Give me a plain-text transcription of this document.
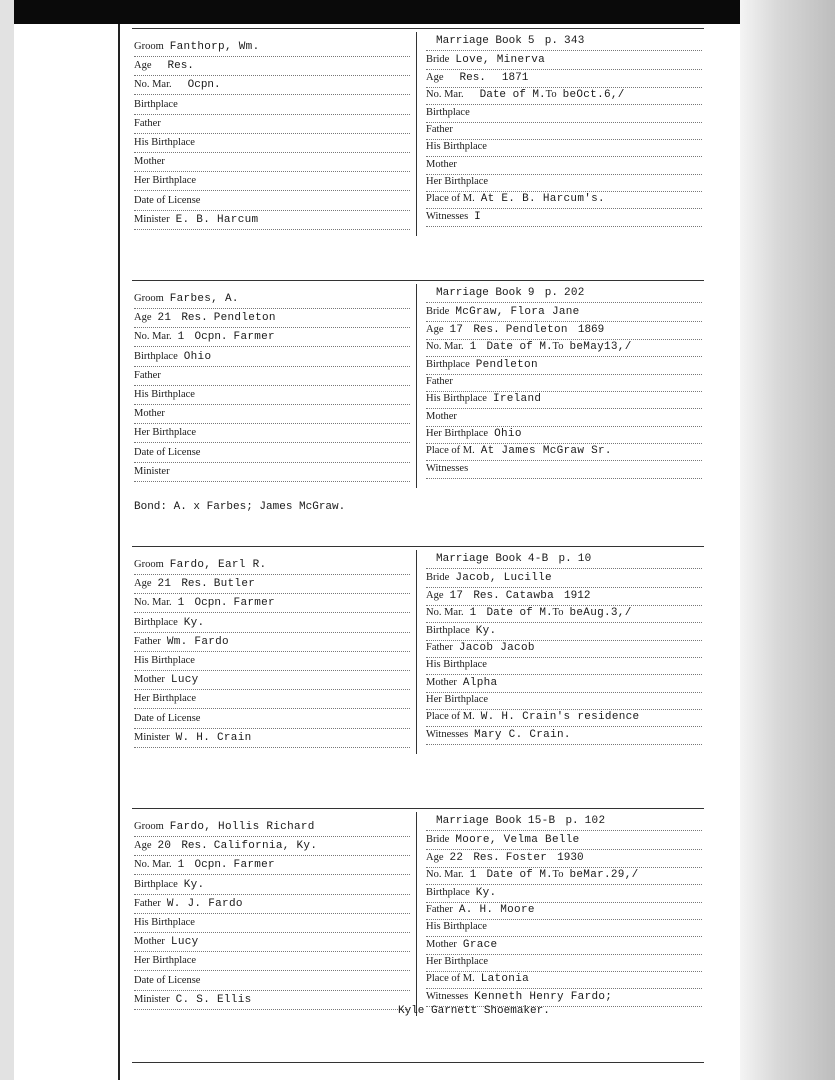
Groom Fanthorp, Wm.
Age Res.
No. Mar. Ocpn.
Birthplace
Father
His Birthplace
Mother
Her Birthplace
Date of License
Minister E. B. Harcum
Marriage Book 5 p. 343
Bride Love, Minerva
Age Res. 1871
No. Mar. Date of M.To beOct.6,/
Birthplace
Father
His Birthplace
Mother
Her Birthplace
Place of M. At E. B. Harcum's.
Witnesses I
Groom Farbes, A.
Age 21 Res. Pendleton
No. Mar. 1 Ocpn. Farmer
Birthplace Ohio
Father
His Birthplace
Mother
Her Birthplace
Date of License
Minister
Marriage Book 9 p. 202
Bride McGraw, Flora Jane
Age 17 Res. Pendleton 1869
No. Mar. 1 Date of M.To beMay13,/
Birthplace Pendleton
Father
His Birthplace Ireland
Mother
Her Birthplace Ohio
Place of M. At James McGraw Sr.
Witnesses
Groom Fardo, Earl R.
Age 21 Res. Butler
No. Mar. 1 Ocpn. Farmer
Birthplace Ky.
Father Wm. Fardo
His Birthplace
Mother Lucy
Her Birthplace
Date of License
Minister W. H. Crain
Marriage Book 4-B p. 10
Bride Jacob, Lucille
Age 17 Res. Catawba 1912
No. Mar. 1 Date of M.To beAug.3,/
Birthplace Ky.
Father Jacob Jacob
His Birthplace
Mother Alpha
Her Birthplace
Place of M. W. H. Crain's residence
Witnesses Mary C. Crain.
Groom Fardo, Hollis Richard
Age 20 Res. California, Ky.
No. Mar. 1 Ocpn. Farmer
Birthplace Ky.
Father W. J. Fardo
His Birthplace
Mother Lucy
Her Birthplace
Date of License
Minister C. S. Ellis
Marriage Book 15-B p. 102
Bride Moore, Velma Belle
Age 22 Res. Foster 1930
No. Mar. 1 Date of M.To beMar.29,/
Birthplace Ky.
Father A. H. Moore
His Birthplace
Mother Grace
Her Birthplace
Place of M. Latonia
Witnesses Kenneth Henry Fardo;
Bond: A. x Farbes; James McGraw.
Kyle Garnett Shoemaker.
